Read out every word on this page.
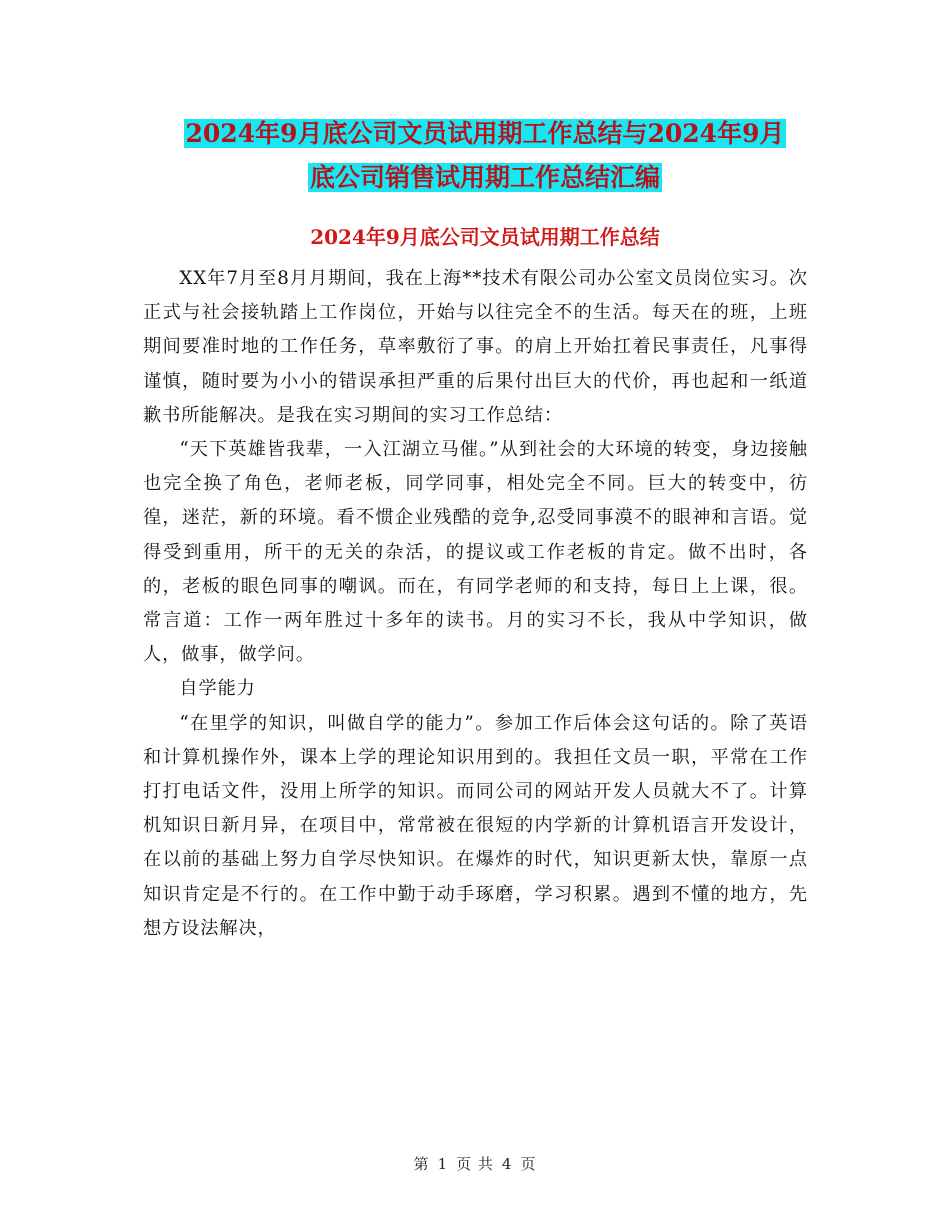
2024年9月底公司文员试用期工作总结与2024年9月
底公司销售试用期工作总结汇编
2024年9月底公司文员试用期工作总结

XX年7月至8月月期间，我在上海**技术有限公司办公室文员岗位实习。次正式与社会接轨踏上工作岗位，开始与以往完全不的生活。每天在的班，上班期间要准时地的工作任务，草率敷衍了事。的肩上开始扛着民事责任，凡事得谨慎，随时要为小小的错误承担严重的后果付出巨大的代价，再也起和一纸道歉书所能解决。是我在实习期间的实习工作总结：

“天下英雄皆我辈，一入江湖立马催。”从到社会的大环境的转变，身边接触也完全换了角色，老师老板，同学同事，相处完全不同。巨大的转变中，彷徨，迷茫，新的环境。看不惯企业残酷的竞争,忍受同事漠不的眼神和言语。觉得受到重用，所干的无关的杂活，的提议或工作老板的肯定。做不出时，各的，老板的眼色同事的嘲讽。而在，有同学老师的和支持，每日上上课，很。常言道：工作一两年胜过十多年的读书。月的实习不长，我从中学知识，做人，做事，做学问。

自学能力

“在里学的知识，叫做自学的能力”。参加工作后体会这句话的。除了英语和计算机操作外，课本上学的理论知识用到的。我担任文员一职，平常在工作打打电话文件，没用上所学的知识。而同公司的网站开发人员就大不了。计算机知识日新月异，在项目中，常常被在很短的内学新的计算机语言开发设计，在以前的基础上努力自学尽快知识。在爆炸的时代，知识更新太快，靠原一点知识肯定是不行的。在工作中勤于动手琢磨，学习积累。遇到不懂的地方，先想方设法解决，

第 1 页 共 4 页
